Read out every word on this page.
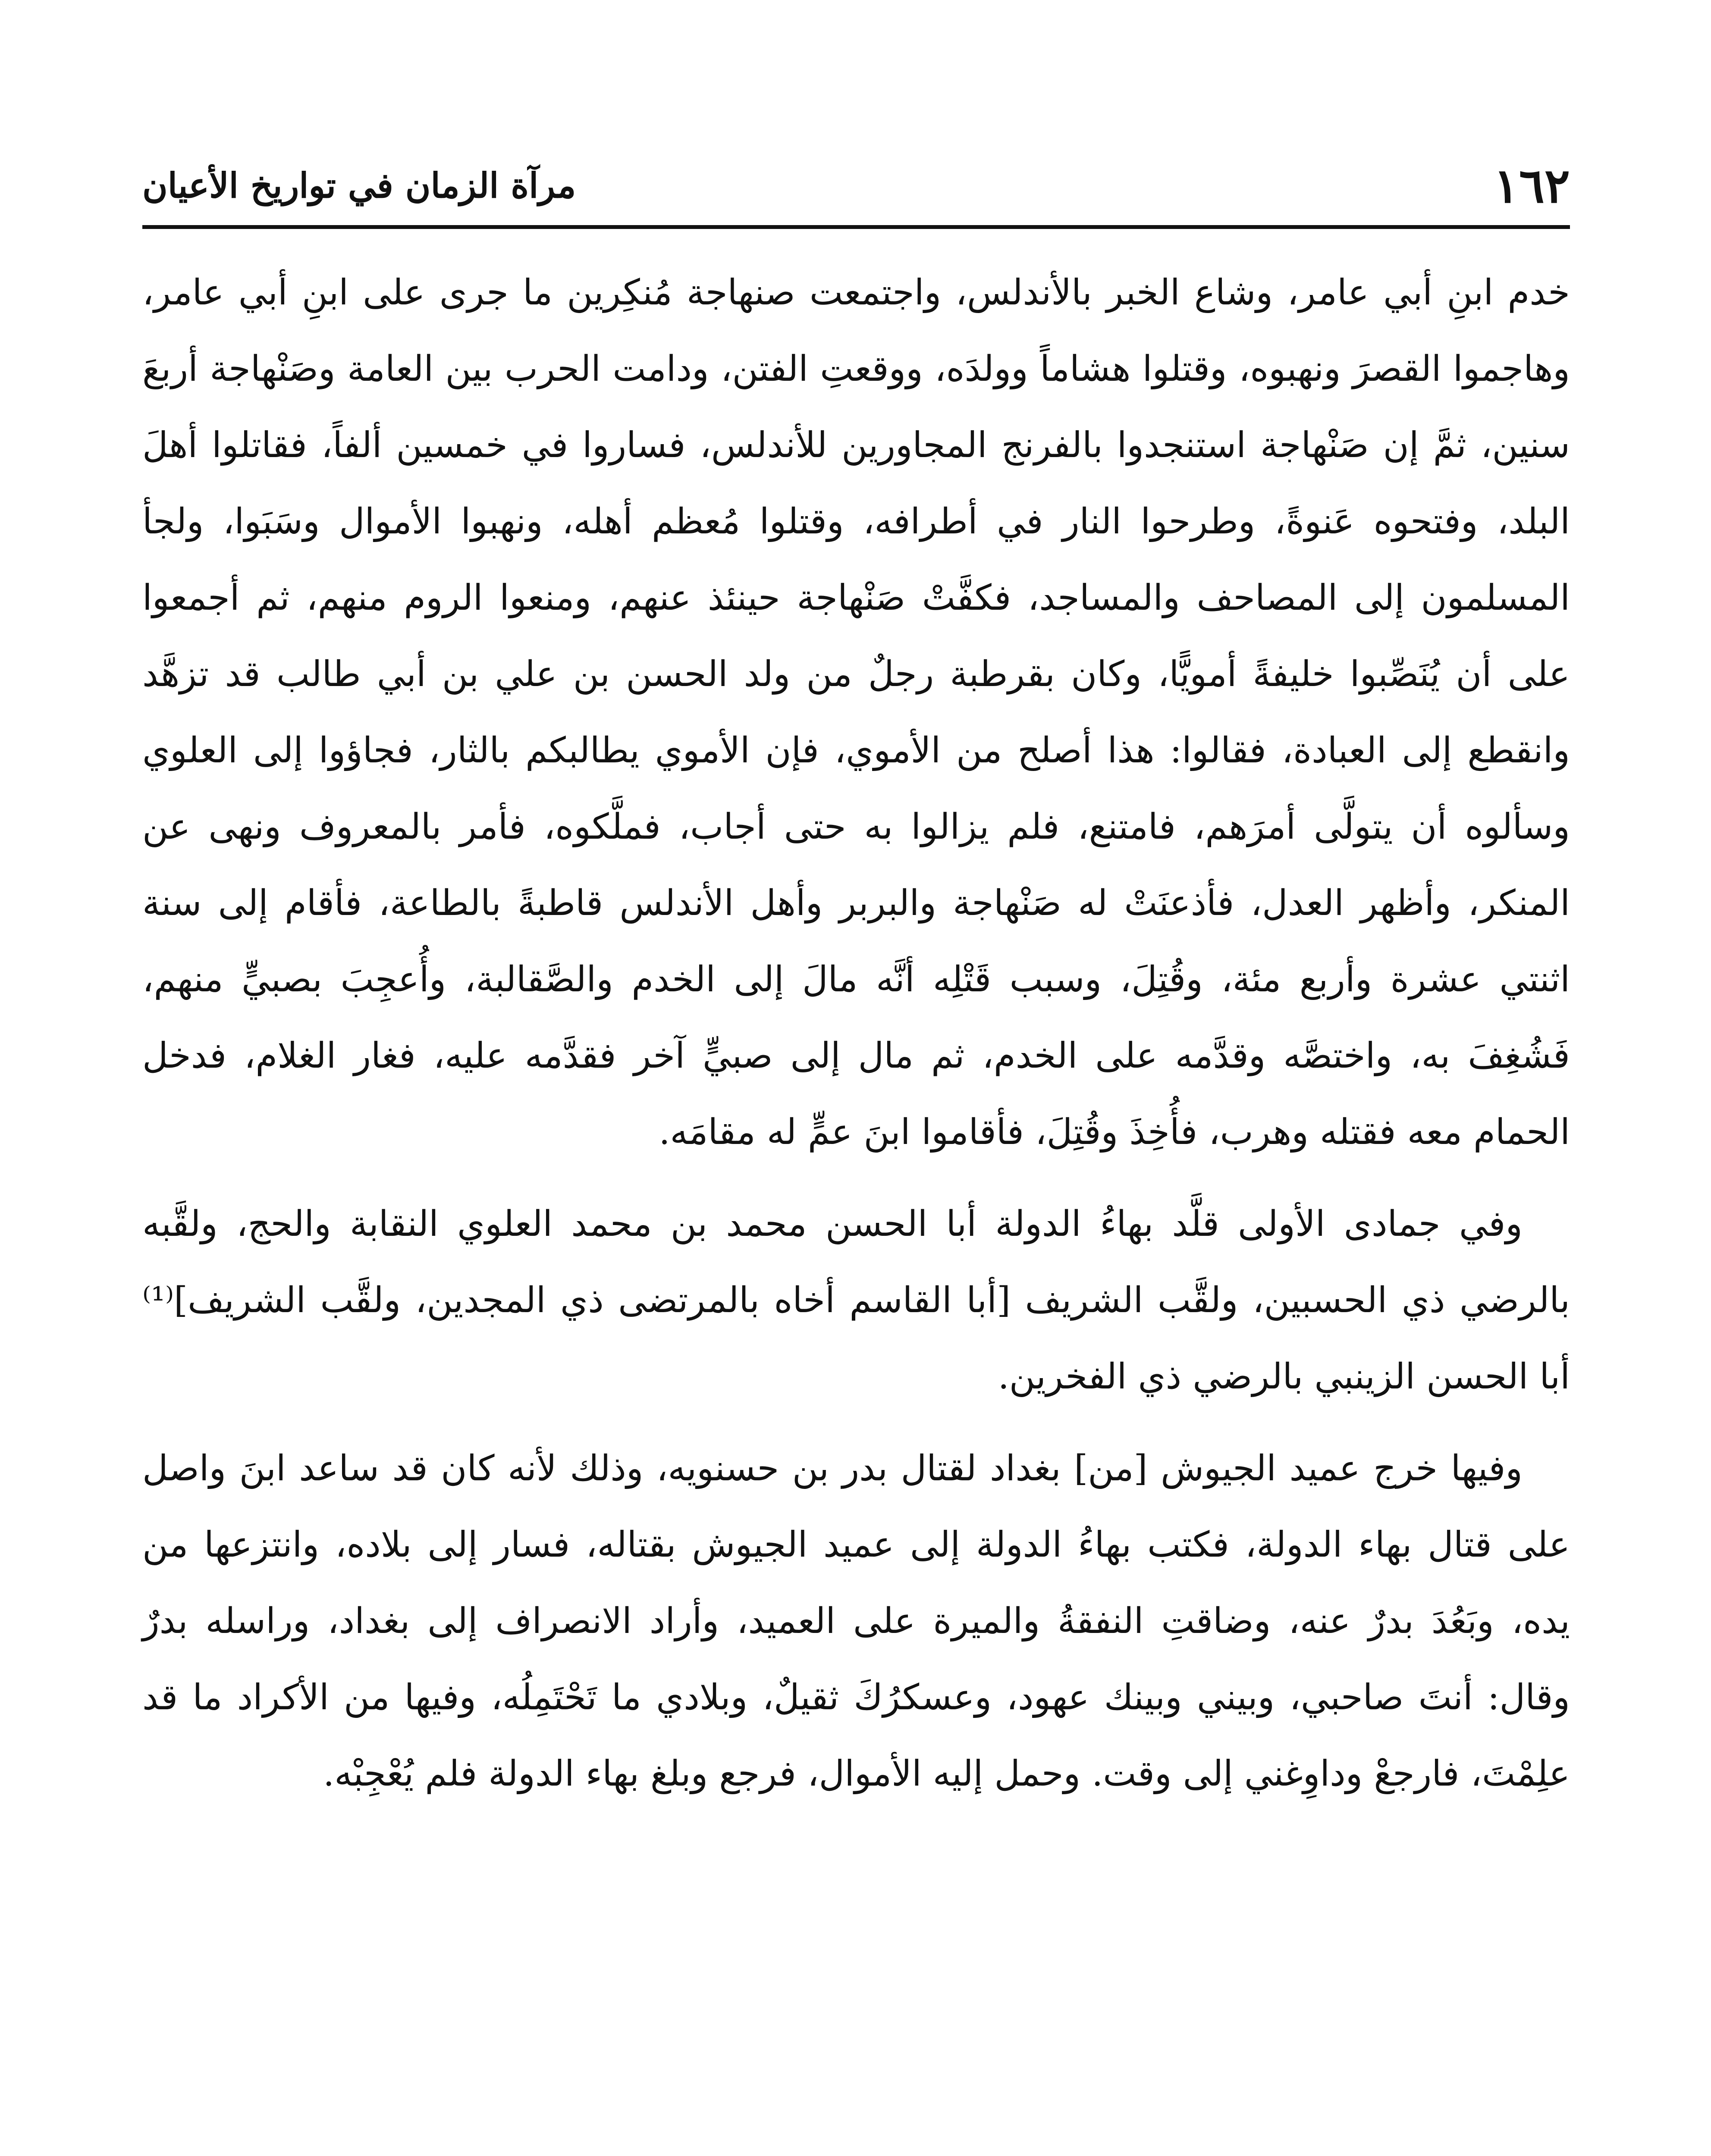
١٦٢
مرآة الزمان في تواريخ الأعيان

خدم ابنِ أبي عامر، وشاع الخبر بالأندلس، واجتمعت صنهاجة مُنكِرين ما جرى على ابنِ أبي عامر، وهاجموا القصرَ ونهبوه، وقتلوا هشاماً وولدَه، ووقعتِ الفتن، ودامت الحرب بين العامة وصَنْهاجة أربعَ سنين، ثمَّ إن صَنْهاجة استنجدوا بالفرنج المجاورين للأندلس، فساروا في خمسين ألفاً، فقاتلوا أهلَ البلد، وفتحوه عَنوةً، وطرحوا النار في أطرافه، وقتلوا مُعظم أهله، ونهبوا الأموال وسَبَوا، ولجأ المسلمون إلى المصاحف والمساجد، فكفَّتْ صَنْهاجة حينئذ عنهم، ومنعوا الروم منهم، ثم أجمعوا على أن يُنَصِّبوا خليفةً أمويًّا، وكان بقرطبة رجلٌ من ولد الحسن بن علي بن أبي طالب قد تزهَّد وانقطع إلى العبادة، فقالوا: هذا أصلح من الأموي، فإن الأموي يطالبكم بالثار، فجاؤوا إلى العلوي وسألوه أن يتولَّى أمرَهم، فامتنع، فلم يزالوا به حتى أجاب، فملَّكوه، فأمر بالمعروف ونهى عن المنكر، وأظهر العدل، فأذعنَتْ له صَنْهاجة والبربر وأهل الأندلس قاطبةً بالطاعة، فأقام إلى سنة اثنتي عشرة وأربع مئة، وقُتِلَ، وسبب قَتْلِه أنَّه مالَ إلى الخدم والصَّقالبة، وأُعجِبَ بصبيٍّ منهم، فَشُغِفَ به، واختصَّه وقدَّمه على الخدم، ثم مال إلى صبيٍّ آخر فقدَّمه عليه، فغار الغلام، فدخل الحمام معه فقتله وهرب، فأُخِذَ وقُتِلَ، فأقاموا ابنَ عمٍّ له مقامَه.

وفي جمادى الأولى قلَّد بهاءُ الدولة أبا الحسن محمد بن محمد العلوي النقابة والحج، ولقَّبه بالرضي ذي الحسبين، ولقَّب الشريف [أبا القاسم أخاه بالمرتضى ذي المجدين، ولقَّب الشريف]⁽¹⁾ أبا الحسن الزينبي بالرضي ذي الفخرين.

وفيها خرج عميد الجيوش [من] بغداد لقتال بدر بن حسنويه، وذلك لأنه كان قد ساعد ابنَ واصل على قتال بهاء الدولة، فكتب بهاءُ الدولة إلى عميد الجيوش بقتاله، فسار إلى بلاده، وانتزعها من يده، وبَعُدَ بدرٌ عنه، وضاقتِ النفقةُ والميرة على العميد، وأراد الانصراف إلى بغداد، وراسله بدرٌ وقال: أنتَ صاحبي، وبيني وبينك عهود، وعسكرُكَ ثقيلٌ، وبلادي ما تَحْتَمِلُه، وفيها من الأكراد ما قد علِمْتَ، فارجعْ وداوِغني إلى وقت. وحمل إليه الأموال، فرجع وبلغ بهاء الدولة فلم يُعْجِبْه.
